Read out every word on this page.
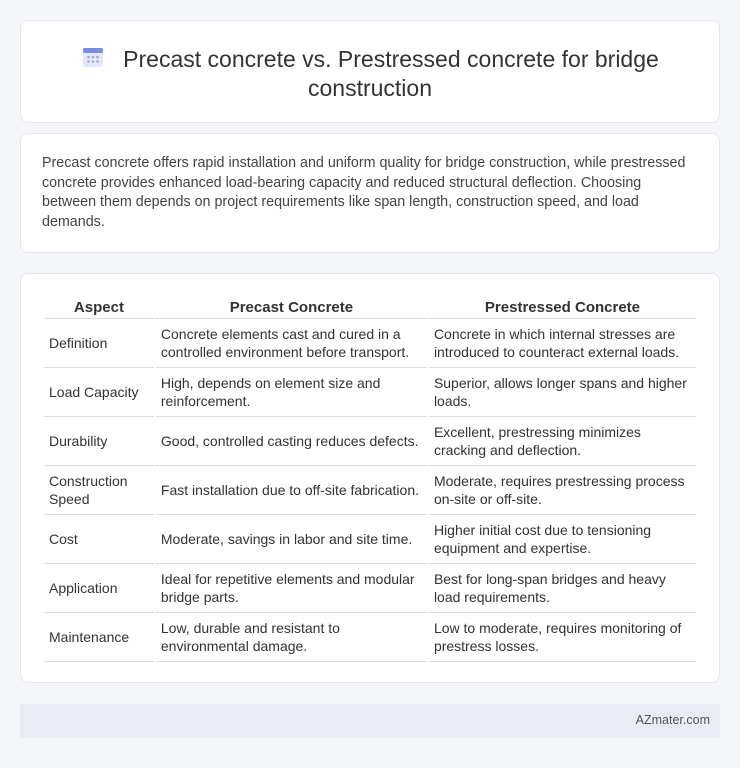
Precast concrete vs. Prestressed concrete for bridge construction

Precast concrete offers rapid installation and uniform quality for bridge construction, while prestressed concrete provides enhanced load-bearing capacity and reduced structural deflection. Choosing between them depends on project requirements like span length, construction speed, and load demands.

Aspect	Precast Concrete	Prestressed Concrete
Definition	Concrete elements cast and cured in a controlled environment before transport.	Concrete in which internal stresses are introduced to counteract external loads.
Load Capacity	High, depends on element size and reinforcement.	Superior, allows longer spans and higher loads.
Durability	Good, controlled casting reduces defects.	Excellent, prestressing minimizes cracking and deflection.
Construction Speed	Fast installation due to off-site fabrication.	Moderate, requires prestressing process on-site or off-site.
Cost	Moderate, savings in labor and site time.	Higher initial cost due to tensioning equipment and expertise.
Application	Ideal for repetitive elements and modular bridge parts.	Best for long-span bridges and heavy load requirements.
Maintenance	Low, durable and resistant to environmental damage.	Low to moderate, requires monitoring of prestress losses.
AZmater.com
